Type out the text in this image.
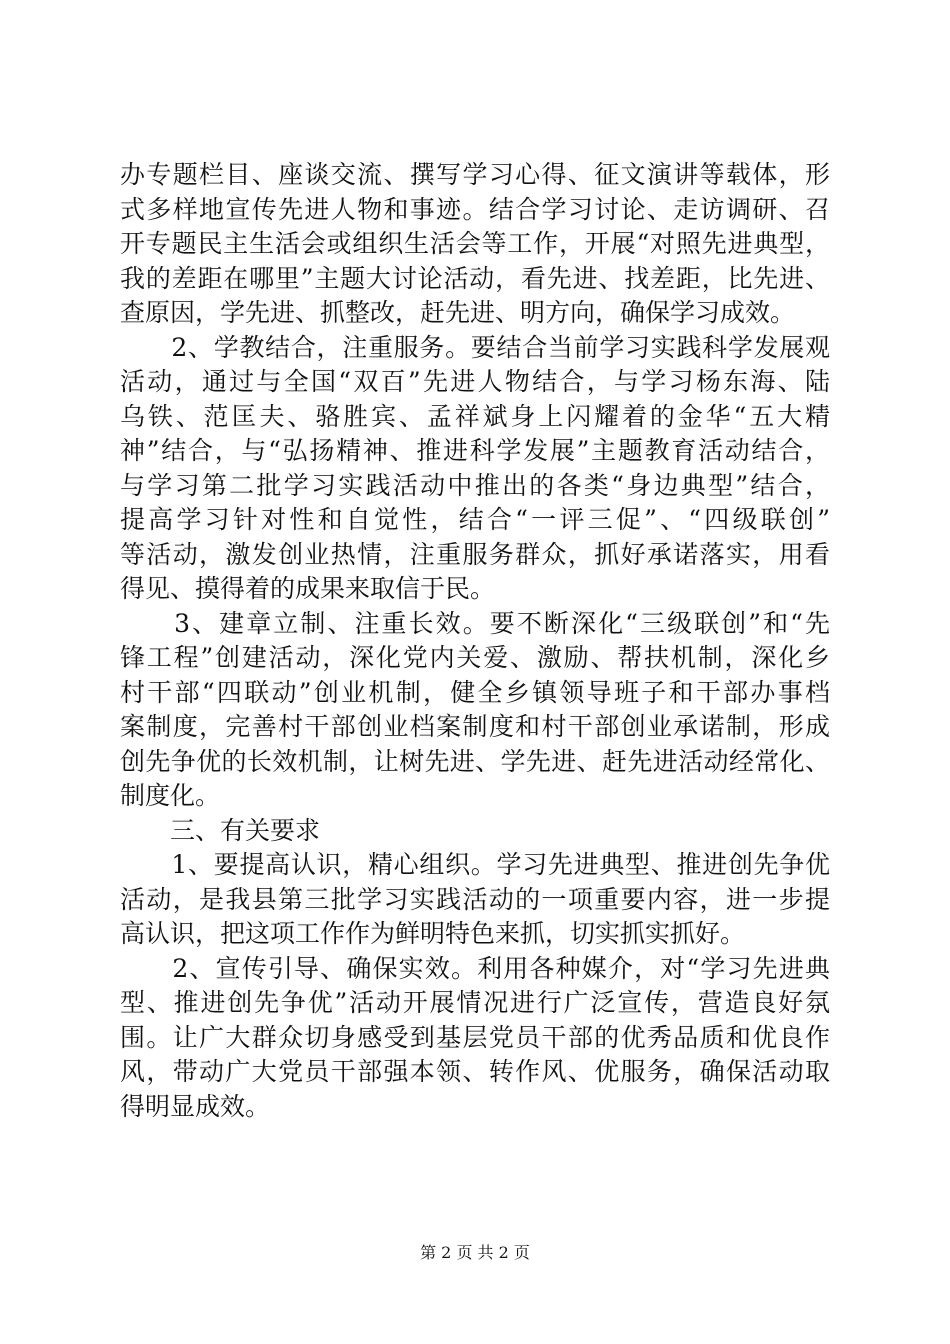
办专题栏目、座谈交流、撰写学习心得、征文演讲等载体，形
式多样地宣传先进人物和事迹。结合学习讨论、走访调研、召
开专题民主生活会或组织生活会等工作，开展“对照先进典型，
我的差距在哪里”主题大讨论活动，看先进、找差距，比先进、
查原因，学先进、抓整改，赶先进、明方向，确保学习成效。
　　2、学教结合，注重服务。要结合当前学习实践科学发展观
活动，通过与全国“双百”先进人物结合，与学习杨东海、陆
乌铁、范匡夫、骆胜宾、孟祥斌身上闪耀着的金华“五大精
神”结合，与“弘扬精神、推进科学发展”主题教育活动结合，
与学习第二批学习实践活动中推出的各类“身边典型”结合，
提高学习针对性和自觉性，结合“一评三促”、“四级联创”
等活动，激发创业热情，注重服务群众，抓好承诺落实，用看
得见、摸得着的成果来取信于民。
　　3、建章立制、注重长效。要不断深化“三级联创”和“先
锋工程”创建活动，深化党内关爱、激励、帮扶机制，深化乡
村干部“四联动”创业机制，健全乡镇领导班子和干部办事档
案制度，完善村干部创业档案制度和村干部创业承诺制，形成
创先争优的长效机制，让树先进、学先进、赶先进活动经常化、
制度化。
　　三、有关要求
　　1、要提高认识，精心组织。学习先进典型、推进创先争优
活动，是我县第三批学习实践活动的一项重要内容，进一步提
高认识，把这项工作作为鲜明特色来抓，切实抓实抓好。
　　2、宣传引导、确保实效。利用各种媒介，对“学习先进典
型、推进创先争优”活动开展情况进行广泛宣传，营造良好氛
围。让广大群众切身感受到基层党员干部的优秀品质和优良作
风，带动广大党员干部强本领、转作风、优服务，确保活动取
得明显成效。
第 2 页 共 2 页
